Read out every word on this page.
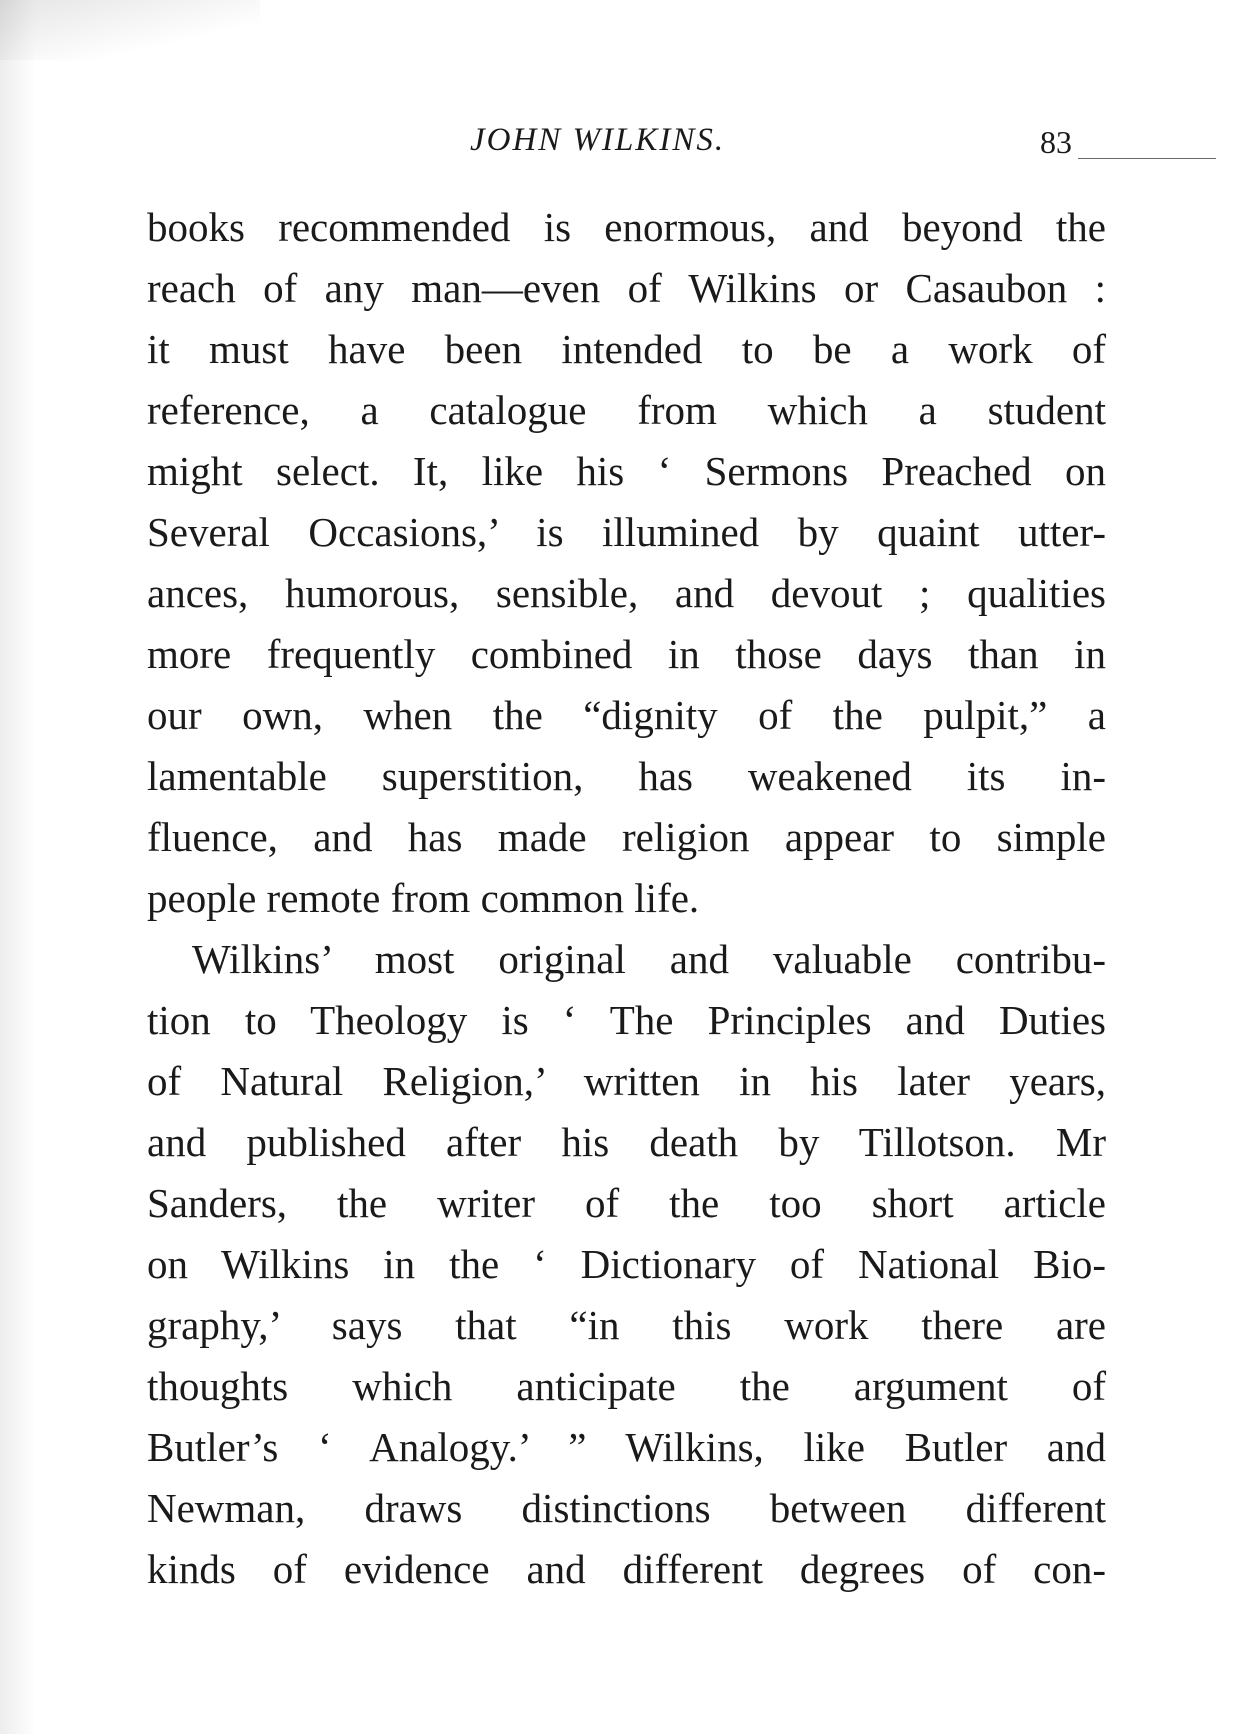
JOHN WILKINS.	83
books recommended is enormous, and beyond the
reach of any man—even of Wilkins or Casaubon :
it must have been intended to be a work of
reference, a catalogue from which a student
might select. It, like his ‘ Sermons Preached on
Several Occasions,’ is illumined by quaint utter-
ances, humorous, sensible, and devout ; qualities
more frequently combined in those days than in
our own, when the “dignity of the pulpit,” a
lamentable superstition, has weakened its in-
fluence, and has made religion appear to simple
people remote from common life.
Wilkins’ most original and valuable contribu-
tion to Theology is ‘ The Principles and Duties
of Natural Religion,’ written in his later years,
and published after his death by Tillotson. Mr
Sanders, the writer of the too short article
on Wilkins in the ‘ Dictionary of National Bio-
graphy,’ says that “in this work there are
thoughts which anticipate the argument of
Butler’s ‘ Analogy.’ ” Wilkins, like Butler and
Newman, draws distinctions between different
kinds of evidence and different degrees of con-
